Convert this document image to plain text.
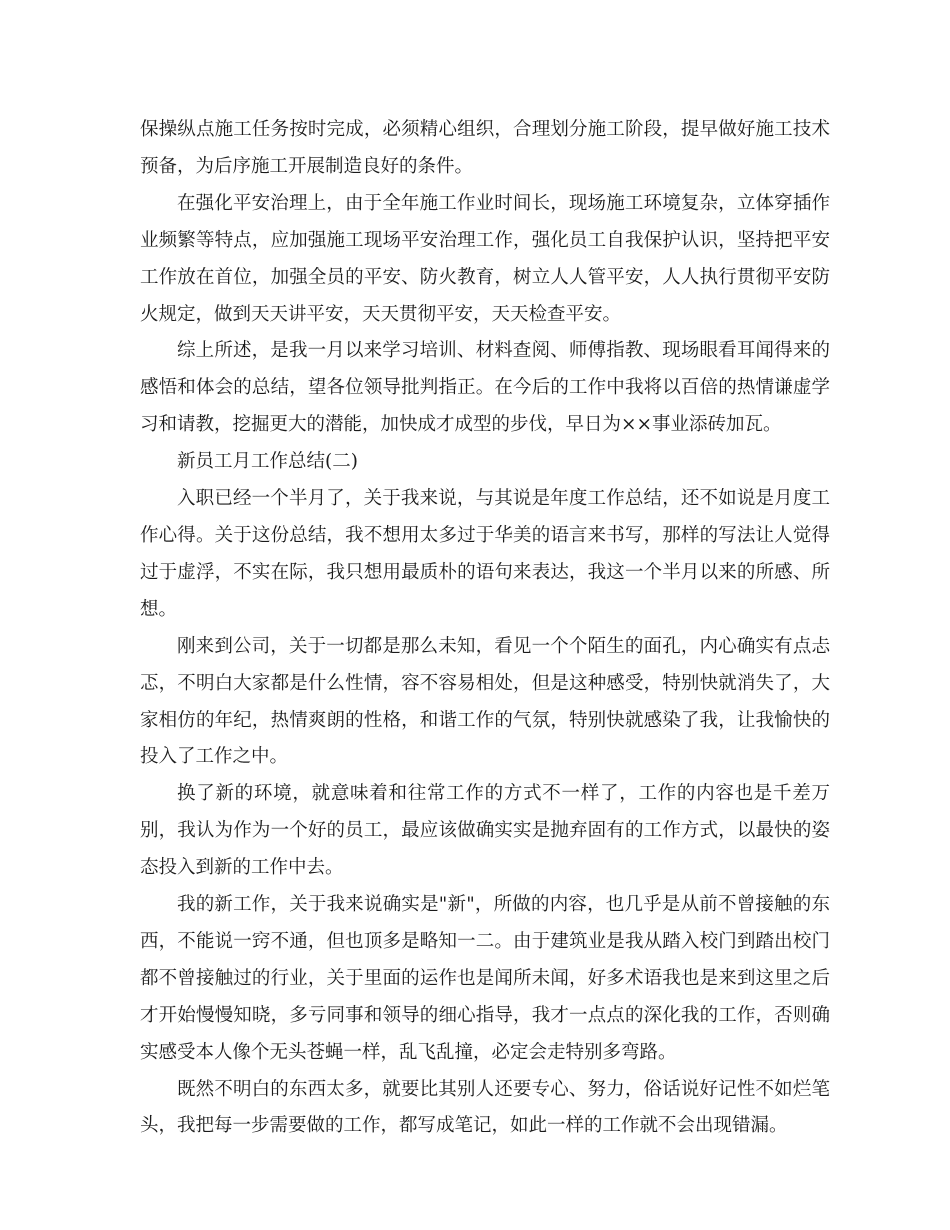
保操纵点施工任务按时完成，必须精心组织，合理划分施工阶段，提早做好施工技术预备，为后序施工开展制造良好的条件。

在强化平安治理上，由于全年施工作业时间长，现场施工环境复杂，立体穿插作业频繁等特点，应加强施工现场平安治理工作，强化员工自我保护认识，坚持把平安工作放在首位，加强全员的平安、防火教育，树立人人管平安，人人执行贯彻平安防火规定，做到天天讲平安，天天贯彻平安，天天检查平安。

综上所述，是我一月以来学习培训、材料查阅、师傅指教、现场眼看耳闻得来的感悟和体会的总结，望各位领导批判指正。在今后的工作中我将以百倍的热情谦虚学习和请教，挖掘更大的潜能，加快成才成型的步伐，早日为××事业添砖加瓦。

新员工月工作总结(二)

入职已经一个半月了，关于我来说，与其说是年度工作总结，还不如说是月度工作心得。关于这份总结，我不想用太多过于华美的语言来书写，那样的写法让人觉得过于虚浮，不实在际，我只想用最质朴的语句来表达，我这一个半月以来的所感、所想。

刚来到公司，关于一切都是那么未知，看见一个个陌生的面孔，内心确实有点忐忑，不明白大家都是什么性情，容不容易相处，但是这种感受，特别快就消失了，大家相仿的年纪，热情爽朗的性格，和谐工作的气氛，特别快就感染了我，让我愉快的投入了工作之中。

换了新的环境，就意味着和往常工作的方式不一样了，工作的内容也是千差万别，我认为作为一个好的员工，最应该做确实实是抛弃固有的工作方式，以最快的姿态投入到新的工作中去。

我的新工作，关于我来说确实是"新"，所做的内容，也几乎是从前不曾接触的东西，不能说一窍不通，但也顶多是略知一二。由于建筑业是我从踏入校门到踏出校门都不曾接触过的行业，关于里面的运作也是闻所未闻，好多术语我也是来到这里之后才开始慢慢知晓，多亏同事和领导的细心指导，我才一点点的深化我的工作，否则确实感受本人像个无头苍蝇一样，乱飞乱撞，必定会走特别多弯路。

既然不明白的东西太多，就要比其别人还要专心、努力，俗话说好记性不如烂笔头，我把每一步需要做的工作，都写成笔记，如此一样的工作就不会出现错漏。
